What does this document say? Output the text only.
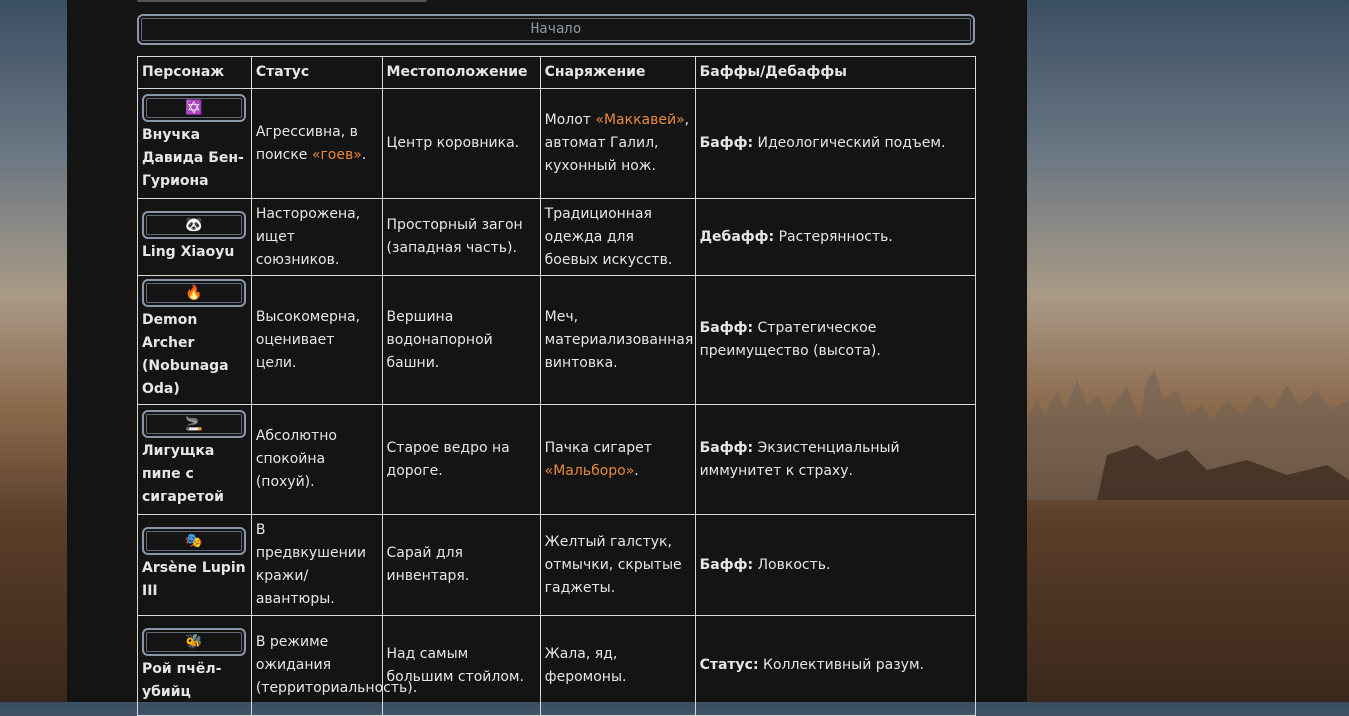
Начало
Персонаж	Статус	Местоположение	Снаряжение	Баффы/Дебаффы

✡️
Внучка Давида Бен-Гуриона	Агрессивна, в поиске «гоев».	Центр коровника.	Молот «Маккавей», автомат Галил, кухонный нож.	Бафф: Идеологический подъем.

🐼
Ling Xiaoyu	Насторожена, ищет союзников.	Просторный загон (западная часть).	Традиционная одежда для боевых искусств.	Дебафф: Растерянность.

🔥
Demon Archer (Nobunaga Oda)	Высокомерна, оценивает цели.	Вершина водонапорной башни.	Меч, материализованная винтовка.	Бафф: Стратегическое преимущество (высота).

🚬
Лигущка пипе с сигаретой	Абсолютно спокойна (похуй).	Старое ведро на дороге.	Пачка сигарет «Мальборо».	Бафф: Экзистенциальный иммунитет к страху.

🎭
Arsène Lupin III	В предвкушении кражи/авантюры.	Сарай для инвентаря.	Желтый галстук, отмычки, скрытые гаджеты.	Бафф: Ловкость.

🐝
Рой пчёл-убийц	В режиме ожидания (территориальность).	Над самым большим стойлом.	Жала, яд, феромоны.	Статус: Коллективный разум.
